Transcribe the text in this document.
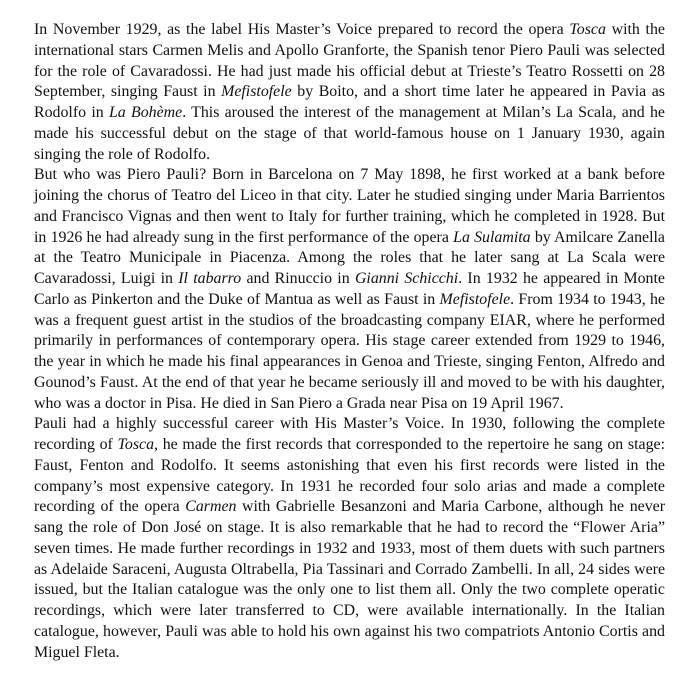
In November 1929, as the label His Master’s Voice prepared to record the opera Tosca with the international stars Carmen Melis and Apollo Granforte, the Spanish tenor Piero Pauli was selected for the role of Cavaradossi. He had just made his official debut at Trieste’s Teatro Rossetti on 28 September, singing Faust in Mefistofele by Boito, and a short time later he appeared in Pavia as Rodolfo in La Bohème. This aroused the interest of the management at Milan’s La Scala, and he made his successful debut on the stage of that world-famous house on 1 January 1930, again singing the role of Rodolfo.

But who was Piero Pauli? Born in Barcelona on 7 May 1898, he first worked at a bank before joining the chorus of Teatro del Liceo in that city. Later he studied singing under Maria Barrientos and Francisco Vignas and then went to Italy for further training, which he completed in 1928. But in 1926 he had already sung in the first performance of the opera La Sulamita by Amilcare Zanella at the Teatro Municipale in Piacenza. Among the roles that he later sang at La Scala were Cavaradossi, Luigi in Il tabarro and Rinuccio in Gianni Schicchi. In 1932 he appeared in Monte Carlo as Pinkerton and the Duke of Mantua as well as Faust in Mefistofele. From 1934 to 1943, he was a frequent guest artist in the studios of the broadcasting company EIAR, where he performed primarily in performances of contemporary opera. His stage career extended from 1929 to 1946, the year in which he made his final appearances in Genoa and Trieste, singing Fenton, Alfredo and Gounod’s Faust. At the end of that year he became seriously ill and moved to be with his daughter, who was a doctor in Pisa. He died in San Piero a Grada near Pisa on 19 April 1967.

Pauli had a highly successful career with His Master’s Voice. In 1930, following the complete recording of Tosca, he made the first records that corresponded to the repertoire he sang on stage: Faust, Fenton and Rodolfo. It seems astonishing that even his first records were listed in the company’s most expensive category. In 1931 he recorded four solo arias and made a complete recording of the opera Carmen with Gabrielle Besanzoni and Maria Carbone, although he never sang the role of Don José on stage. It is also remarkable that he had to record the “Flower Aria” seven times. He made further recordings in 1932 and 1933, most of them duets with such partners as Adelaide Saraceni, Augusta Oltrabella, Pia Tassinari and Corrado Zambelli. In all, 24 sides were issued, but the Italian catalogue was the only one to list them all. Only the two complete operatic recordings, which were later transferred to CD, were available internationally. In the Italian catalogue, however, Pauli was able to hold his own against his two compatriots Antonio Cortis and Miguel Fleta.
